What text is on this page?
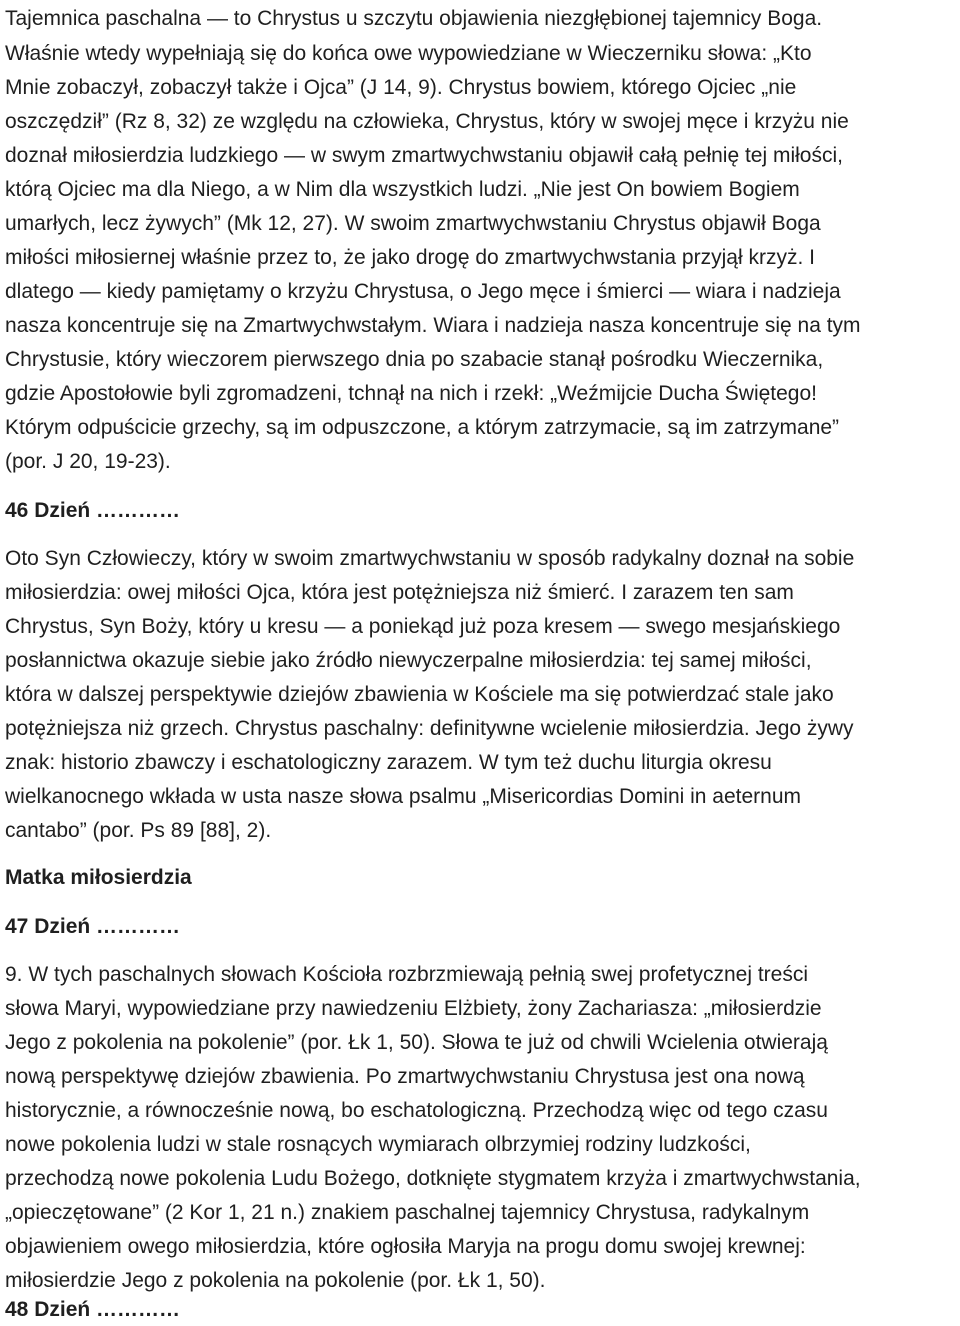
Tajemnica paschalna — to Chrystus u szczytu objawienia niezgłębionej tajemnicy Boga.
Właśnie wtedy wypełniają się do końca owe wypowiedziane w Wieczerniku słowa: „Kto
Mnie zobaczył, zobaczył także i Ojca” (J 14, 9). Chrystus bowiem, którego Ojciec „nie
oszczędził” (Rz 8, 32) ze względu na człowieka, Chrystus, który w swojej męce i krzyżu nie
doznał miłosierdzia ludzkiego — w swym zmartwychwstaniu objawił całą pełnię tej miłości,
którą Ojciec ma dla Niego, a w Nim dla wszystkich ludzi. „Nie jest On bowiem Bogiem
umarłych, lecz żywych” (Mk 12, 27). W swoim zmartwychwstaniu Chrystus objawił Boga
miłości miłosiernej właśnie przez to, że jako drogę do zmartwychwstania przyjął krzyż. I
dlatego — kiedy pamiętamy o krzyżu Chrystusa, o Jego męce i śmierci — wiara i nadzieja
nasza koncentruje się na Zmartwychwstałym. Wiara i nadzieja nasza koncentruje się na tym
Chrystusie, który wieczorem pierwszego dnia po szabacie stanął pośrodku Wieczernika,
gdzie Apostołowie byli zgromadzeni, tchnął na nich i rzekł: „Weźmijcie Ducha Świętego!
Którym odpuścicie grzechy, są im odpuszczone, a którym zatrzymacie, są im zatrzymane”
(por. J 20, 19-23).
46 Dzień …………
Oto Syn Człowieczy, który w swoim zmartwychwstaniu w sposób radykalny doznał na sobie
miłosierdzia: owej miłości Ojca, która jest potężniejsza niż śmierć. I zarazem ten sam
Chrystus, Syn Boży, który u kresu — a poniekąd już poza kresem — swego mesjańskiego
posłannictwa okazuje siebie jako źródło niewyczerpalne miłosierdzia: tej samej miłości,
która w dalszej perspektywie dziejów zbawienia w Kościele ma się potwierdzać stale jako
potężniejsza niż grzech. Chrystus paschalny: definitywne wcielenie miłosierdzia. Jego żywy
znak: historio zbawczy i eschatologiczny zarazem. W tym też duchu liturgia okresu
wielkanocnego wkłada w usta nasze słowa psalmu „Misericordias Domini in aeternum
cantabo” (por. Ps 89 [88], 2).
Matka miłosierdzia
47 Dzień …………
9. W tych paschalnych słowach Kościoła rozbrzmiewają pełnią swej profetycznej treści
słowa Maryi, wypowiedziane przy nawiedzeniu Elżbiety, żony Zachariasza: „miłosierdzie
Jego z pokolenia na pokolenie” (por. Łk 1, 50). Słowa te już od chwili Wcielenia otwierają
nową perspektywę dziejów zbawienia. Po zmartwychwstaniu Chrystusa jest ona nową
historycznie, a równocześnie nową, bo eschatologiczną. Przechodzą więc od tego czasu
nowe pokolenia ludzi w stale rosnących wymiarach olbrzymiej rodziny ludzkości,
przechodzą nowe pokolenia Ludu Bożego, dotknięte stygmatem krzyża i zmartwychwstania,
„opieczętowane” (2 Kor 1, 21 n.) znakiem paschalnej tajemnicy Chrystusa, radykalnym
objawieniem owego miłosierdzia, które ogłosiła Maryja na progu domu swojej krewnej:
miłosierdzie Jego z pokolenia na pokolenie (por. Łk 1, 50).
48 Dzień …………
